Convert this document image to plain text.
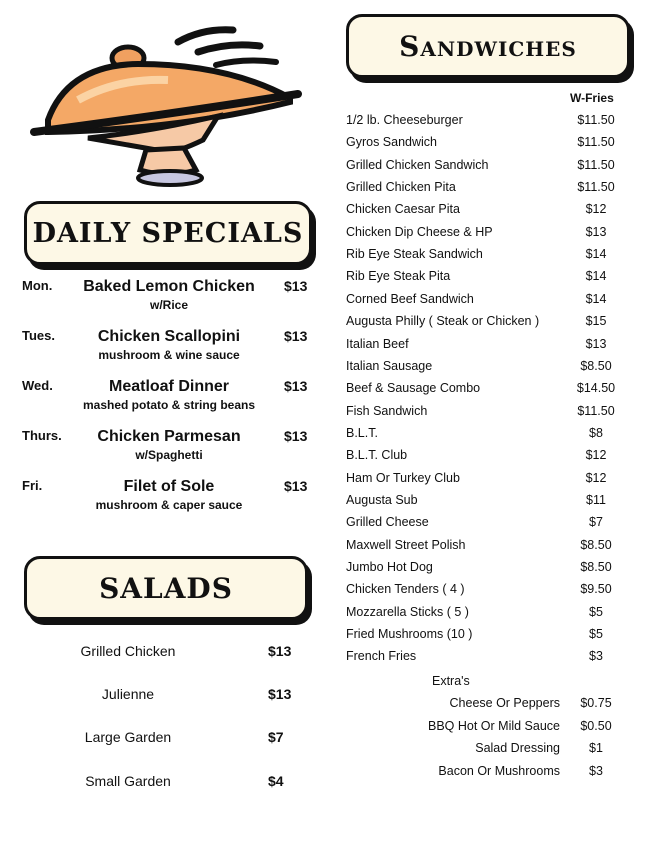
DAILY SPECIALS
Mon.	Baked Lemon Chicken
w/Rice
$13
Tues.	Chicken Scallopini
mushroom & wine sauce
$13
Wed.	Meatloaf Dinner
mashed potato & string beans
$13
Thurs.	Chicken Parmesan
w/Spaghetti
$13
Fri.	Filet of Sole
mushroom & caper sauce
$13
SALADS
Grilled Chicken	$13
Julienne	$13
Large Garden	$7
Small Garden	$4
Sandwiches
W-Fries
1/2 lb. Cheeseburger	$11.50
Gyros Sandwich	$11.50
Grilled Chicken Sandwich	$11.50
Grilled Chicken Pita	$11.50
Chicken Caesar Pita	$12
Chicken Dip Cheese & HP	$13
Rib Eye Steak Sandwich	$14
Rib Eye Steak Pita	$14
Corned Beef Sandwich	$14
Augusta Philly ( Steak or Chicken )	$15
Italian Beef	$13
Italian Sausage	$8.50
Beef & Sausage Combo	$14.50
Fish Sandwich	$11.50
B.L.T.	$8
B.L.T. Club	$12
Ham Or Turkey Club	$12
Augusta Sub	$11
Grilled Cheese	$7
Maxwell Street Polish	$8.50
Jumbo Hot Dog	$8.50
Chicken Tenders ( 4 )	$9.50
Mozzarella Sticks ( 5 )	$5
Fried Mushrooms (10 )	$5
French Fries	$3
Extra's
Cheese Or Peppers	$0.75
BBQ Hot Or Mild Sauce	$0.50
Salad Dressing	$1
Bacon Or Mushrooms	$3
